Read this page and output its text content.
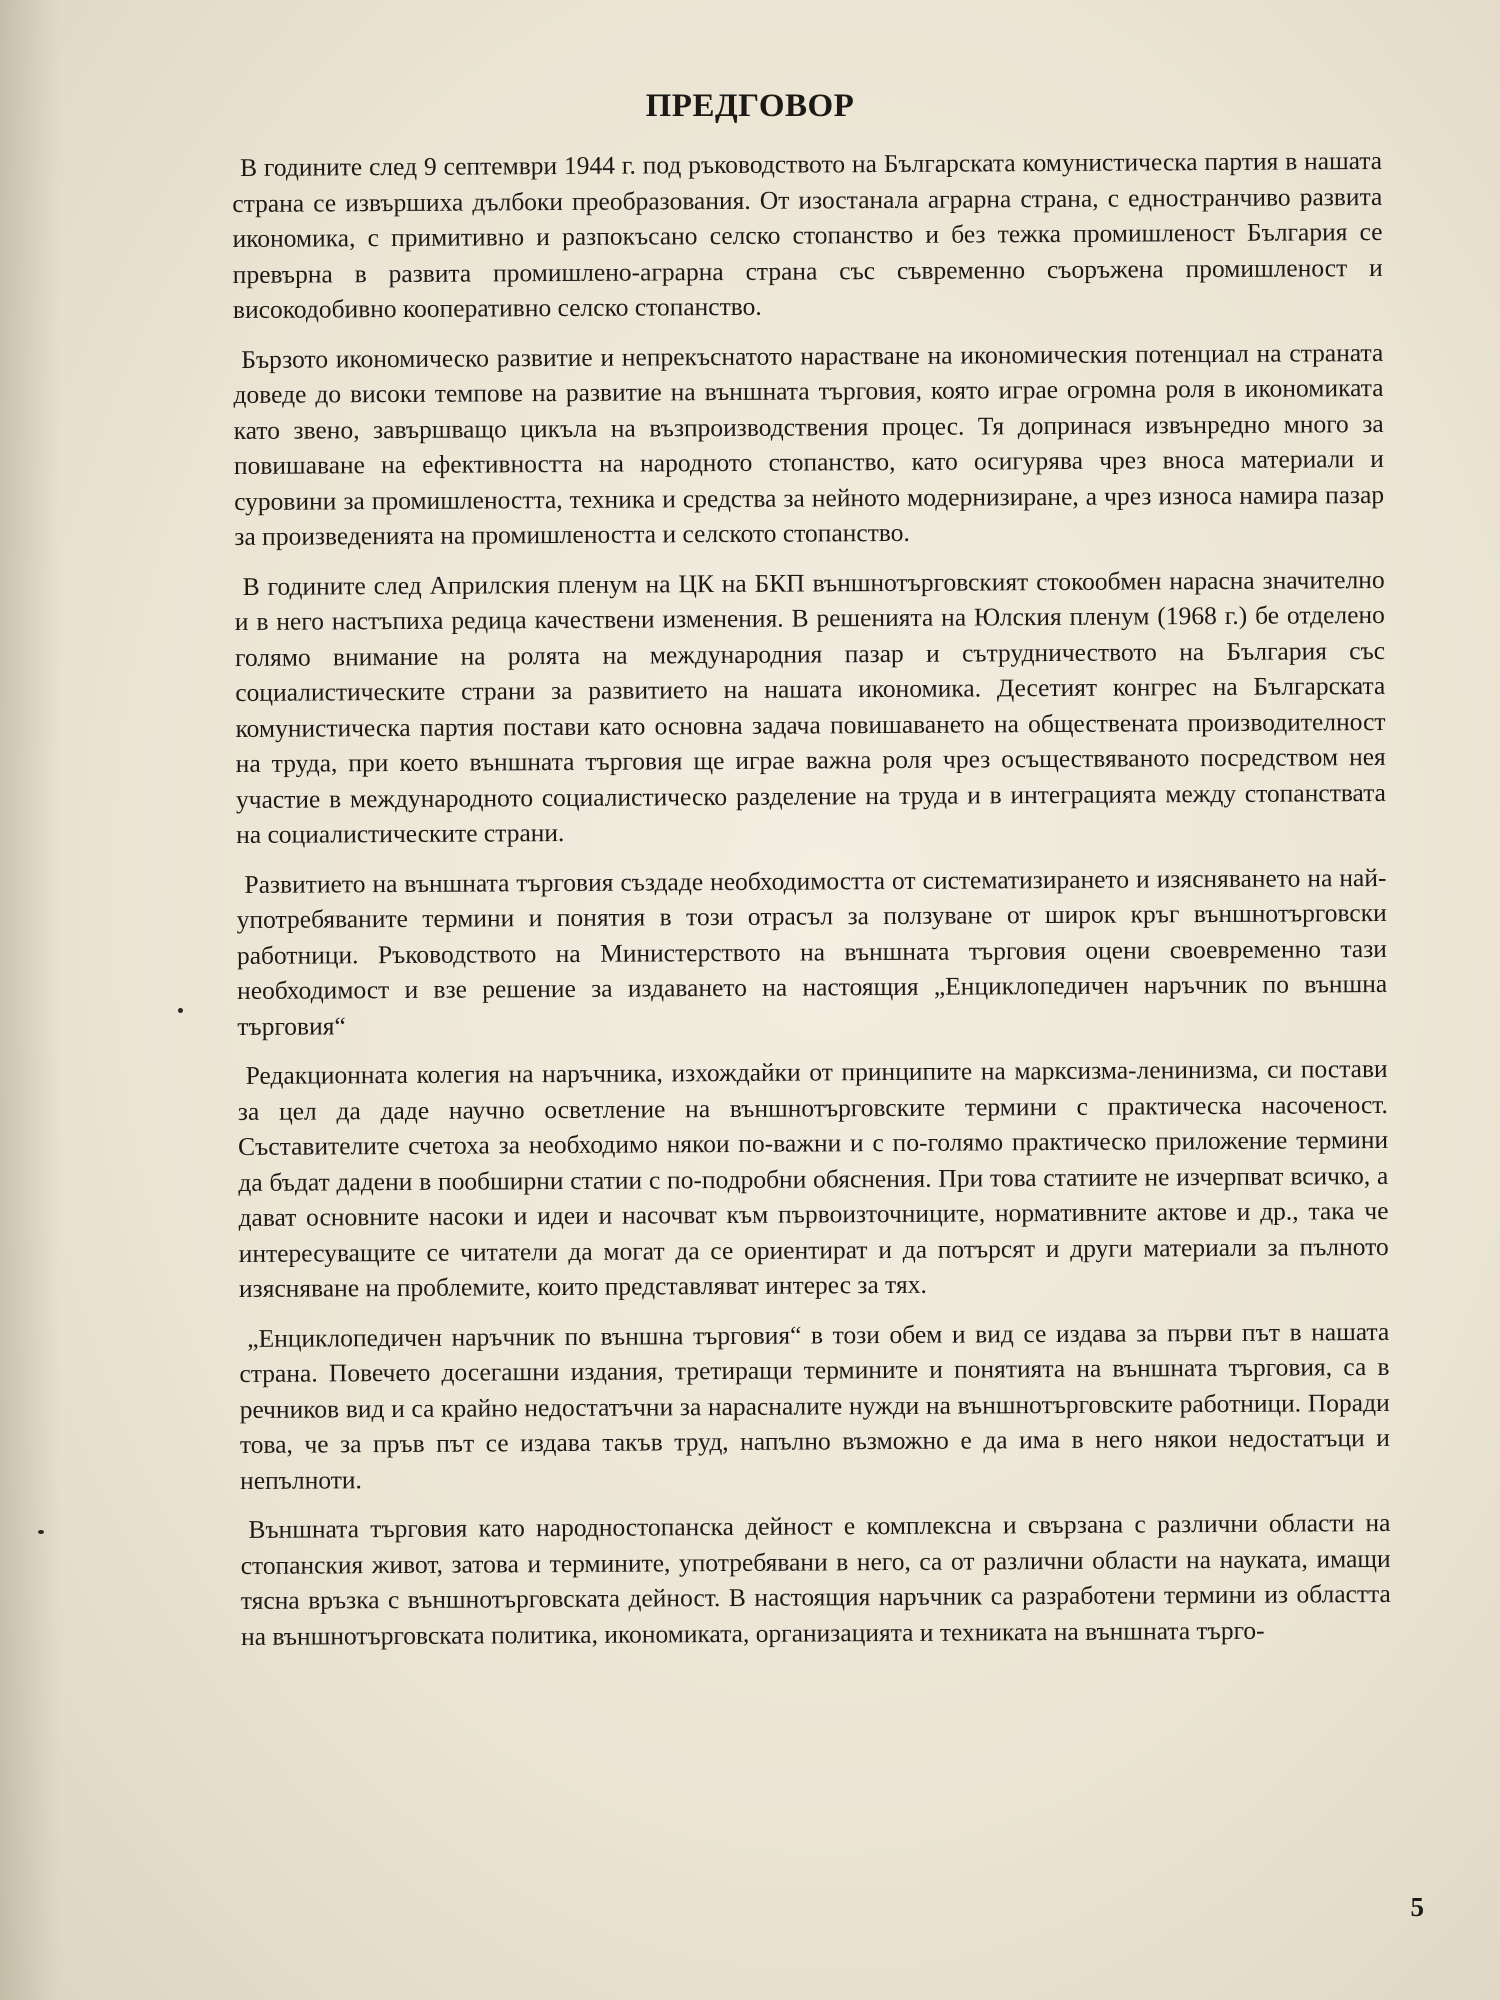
ПРЕДГОВОР

В годините след 9 септември 1944 г. под ръководството на Българската комунистическа партия в нашата страна се извършиха дълбоки преобразования. От изостанала аграрна страна, с едностранчиво развита икономика, с примитивно и разпокъсано селско стопанство и без тежка промишленост България се превърна в развита промишлено-аграрна страна със съвременно съоръжена промишленост и високодобивно кооперативно селско стопанство.

Бързото икономическо развитие и непрекъснатото нарастване на икономическия потенциал на страната доведе до високи темпове на развитие на външната търговия, която играе огромна роля в икономиката като звено, завършващо цикъла на възпроизводствения процес. Тя допринася извънредно много за повишаване на ефективността на народното стопанство, като осигурява чрез вноса материали и суровини за промишлеността, техника и средства за нейното модернизиране, а чрез износа намира пазар за произведенията на промишлеността и селското стопанство.

В годините след Априлския пленум на ЦК на БКП външнотърговският стокообмен нарасна значително и в него настъпиха редица качествени изменения. В решенията на Юлския пленум (1968 г.) бе отделено голямо внимание на ролята на международния пазар и сътрудничеството на България със социалистическите страни за развитието на нашата икономика. Десетият конгрес на Българската комунистическа партия постави като основна задача повишаването на обществената производителност на труда, при което външната търговия ще играе важна роля чрез осъществяваното посредством нея участие в международното социалистическо разделение на труда и в интеграцията между стопанствата на социалистическите страни.

Развитието на външната търговия създаде необходимостта от систематизирането и изясняването на най-употребяваните термини и понятия в този отрасъл за ползуване от широк кръг външнотърговски работници. Ръководството на Министерството на външната търговия оцени своевременно тази необходимост и взе решение за издаването на настоящия „Енциклопедичен наръчник по външна търговия“

Редакционната колегия на наръчника, изхождайки от принципите на марксизма-ленинизма, си постави за цел да даде научно осветление на външнотърговските термини с практическа насоченост. Съставителите счетоха за необходимо някои по-важни и с по-голямо практическо приложение термини да бъдат дадени в пообширни статии с по-подробни обяснения. При това статиите не изчерпват всичко, а дават основните насоки и идеи и насочват към първоизточниците, нормативните актове и др., така че интересуващите се читатели да могат да се ориентират и да потърсят и други материали за пълното изясняване на проблемите, които представляват интерес за тях.

„Енциклопедичен наръчник по външна търговия“ в този обем и вид се издава за първи път в нашата страна. Повечето досегашни издания, третиращи термините и понятията на външната търговия, са в речников вид и са крайно недостатъчни за нарасналите нужди на външнотърговските работници. Поради това, че за пръв път се издава такъв труд, напълно възможно е да има в него някои недостатъци и непълноти.

Външната търговия като народностопанска дейност е комплексна и свързана с различни области на стопанския живот, затова и термините, употребявани в него, са от различни области на науката, имащи тясна връзка с външнотърговската дейност. В настоящия наръчник са разработени термини из областта на външнотърговската политика, икономиката, организацията и техниката на външната търго-

5
